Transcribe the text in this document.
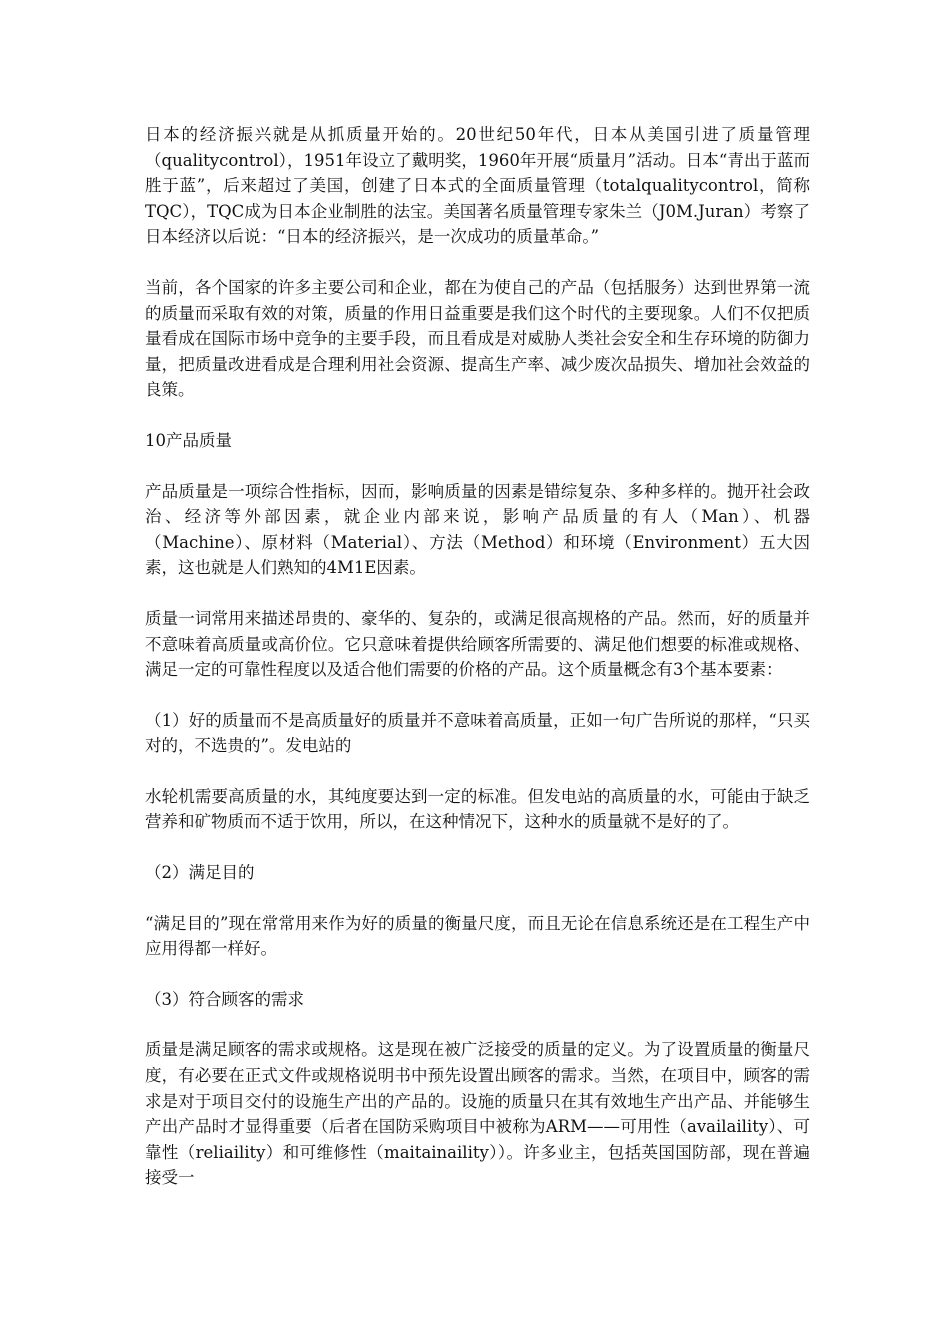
日本的经济振兴就是从抓质量开始的。20世纪50年代，日本从美国引进了质量管理（qualitycontrol），1951年设立了戴明奖，1960年开展“质量月”活动。日本“青出于蓝而胜于蓝”，后来超过了美国，创建了日本式的全面质量管理（totalqualitycontrol，简称TQC），TQC成为日本企业制胜的法宝。美国著名质量管理专家朱兰（J0M.Juran）考察了日本经济以后说：“日本的经济振兴，是一次成功的质量革命。”

当前，各个国家的许多主要公司和企业，都在为使自己的产品（包括服务）达到世界第一流的质量而采取有效的对策，质量的作用日益重要是我们这个时代的主要现象。人们不仅把质量看成在国际市场中竞争的主要手段，而且看成是对威胁人类社会安全和生存环境的防御力量，把质量改进看成是合理利用社会资源、提高生产率、减少废次品损失、增加社会效益的良策。

10产品质量

产品质量是一项综合性指标，因而，影响质量的因素是错综复杂、多种多样的。抛开社会政治、经济等外部因素，就企业内部来说，影响产品质量的有人（Man）、机器（Machine）、原材料（Material）、方法（Method）和环境（Environment）五大因素，这也就是人们熟知的4M1E因素。

质量一词常用来描述昂贵的、豪华的、复杂的，或满足很高规格的产品。然而，好的质量并不意味着高质量或高价位。它只意味着提供给顾客所需要的、满足他们想要的标准或规格、满足一定的可靠性程度以及适合他们需要的价格的产品。这个质量概念有3个基本要素：

（1）好的质量而不是高质量好的质量并不意味着高质量，正如一句广告所说的那样，“只买对的，不选贵的”。发电站的

水轮机需要高质量的水，其纯度要达到一定的标准。但发电站的高质量的水，可能由于缺乏营养和矿物质而不适于饮用，所以，在这种情况下，这种水的质量就不是好的了。

（2）满足目的

“满足目的”现在常常用来作为好的质量的衡量尺度，而且无论在信息系统还是在工程生产中应用得都一样好。

（3）符合顾客的需求

质量是满足顾客的需求或规格。这是现在被广泛接受的质量的定义。为了设置质量的衡量尺度，有必要在正式文件或规格说明书中预先设置出顾客的需求。当然，在项目中，顾客的需求是对于项目交付的设施生产出的产品的。设施的质量只在其有效地生产出产品、并能够生产出产品时才显得重要（后者在国防采购项目中被称为ARM——可用性（availaility）、可靠性（reliaility）和可维修性（maitainaility））。许多业主，包括英国国防部，现在普遍接受一
